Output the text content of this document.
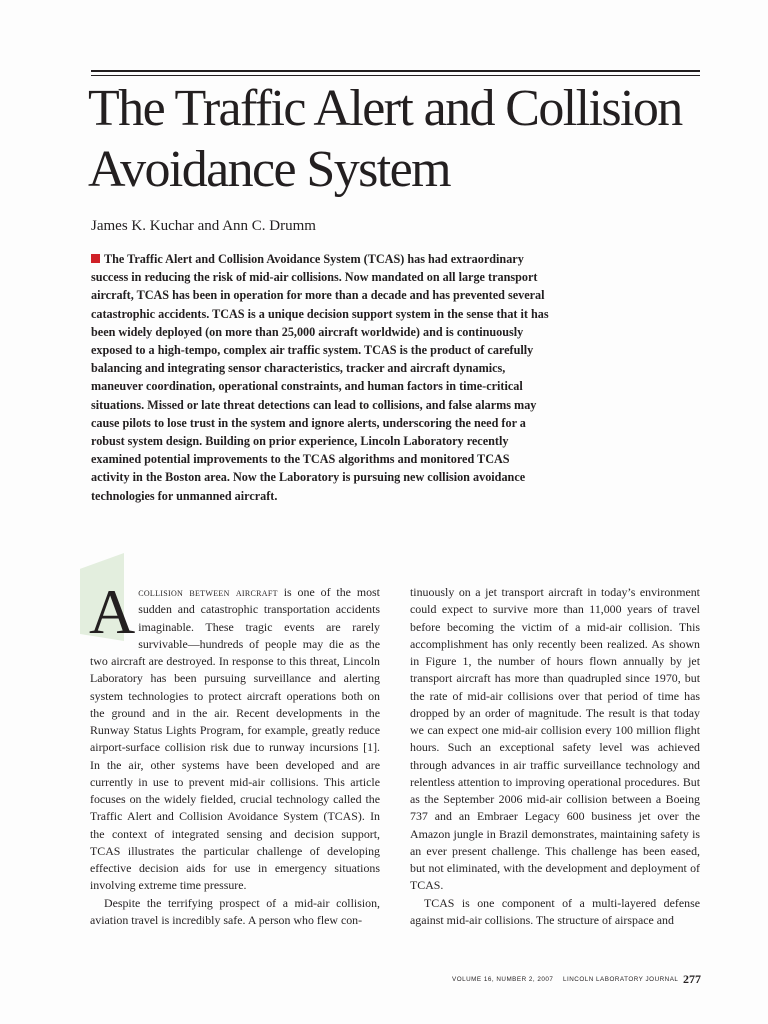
The Traffic Alert and Collision Avoidance System
James K. Kuchar and Ann C. Drumm

The Traffic Alert and Collision Avoidance System (TCAS) has had extraordinary success in reducing the risk of mid-air collisions. Now mandated on all large transport aircraft, TCAS has been in operation for more than a decade and has prevented several catastrophic accidents. TCAS is a unique decision support system in the sense that it has been widely deployed (on more than 25,000 aircraft worldwide) and is continuously exposed to a high-tempo, complex air traffic system. TCAS is the product of carefully balancing and integrating sensor characteristics, tracker and aircraft dynamics, maneuver coordination, operational constraints, and human factors in time-critical situations. Missed or late threat detections can lead to collisions, and false alarms may cause pilots to lose trust in the system and ignore alerts, underscoring the need for a robust system design. Building on prior experience, Lincoln Laboratory recently examined potential improvements to the TCAS algorithms and monitored TCAS activity in the Boston area. Now the Laboratory is pursuing new collision avoidance technologies for unmanned aircraft.

Acollision between aircraft is one of the most sudden and catastrophic transportation accidents imaginable. These tragic events are rarely survivable—hundreds of people may die as the two aircraft are destroyed. In response to this threat, Lincoln Laboratory has been pursuing surveillance and alerting system technologies to protect aircraft operations both on the ground and in the air. Recent developments in the Runway Status Lights Program, for example, greatly reduce airport-surface collision risk due to runway incursions [1]. In the air, other systems have been developed and are currently in use to prevent mid-air collisions. This article focuses on the widely fielded, crucial technology called the Traffic Alert and Collision Avoidance System (TCAS). In the context of integrated sensing and decision support, TCAS illustrates the particular challenge of developing effective decision aids for use in emergency situations involving extreme time pressure.

Despite the terrifying prospect of a mid-air collision, aviation travel is incredibly safe. A person who flew con-

tinuously on a jet transport aircraft in today’s environment could expect to survive more than 11,000 years of travel before becoming the victim of a mid-air collision. This accomplishment has only recently been realized. As shown in Figure 1, the number of hours flown annually by jet transport aircraft has more than quadrupled since 1970, but the rate of mid-air collisions over that period of time has dropped by an order of magnitude. The result is that today we can expect one mid-air collision every 100 million flight hours. Such an exceptional safety level was achieved through advances in air traffic surveillance technology and relentless attention to improving operational procedures. But as the September 2006 mid-air collision between a Boeing 737 and an Embraer Legacy 600 business jet over the Amazon jungle in Brazil demonstrates, maintaining safety is an ever present challenge. This challenge has been eased, but not eliminated, with the development and deployment of TCAS.

TCAS is one component of a multi-layered defense against mid-air collisions. The structure of airspace and

VOLUME 16, NUMBER 2, 2007 LINCOLN LABORATORY JOURNAL 277
